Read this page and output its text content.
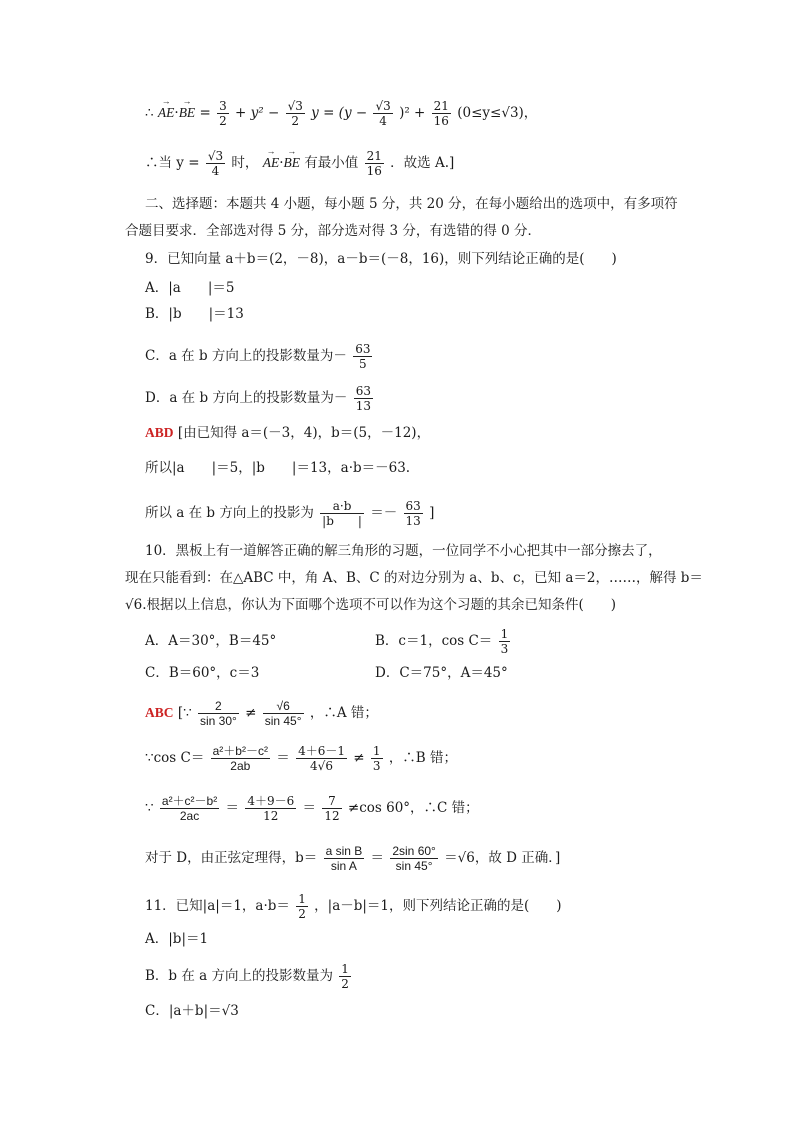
∴ → AE·→ BE = $\frac{3}{2} + y^2 - \frac{√3}{2}$ $y = (y - \frac{√3}{4} )^2 + \frac{21}{16} (0\le y\le√3)$，
∴当 $y = \frac{√3}{4}$ 时， → AE·→ BE 有最小值 $\frac{21}{16}$ ．故选 A.]
二、选择题：本题共 4 小题，每小题 5 分，共 20 分，在每小题给出的选项中，有多项符
合题目要求．全部选对得 5 分，部分选对得 3 分，有选错的得 0 分．
9．已知向量 a＋b＝(2，－8)，a－b＝(－8，16)，则下列结论正确的是(　　)
A．|a　　|＝5
B．|b　　|＝13
C．a 在 b 方向上的投影数量为－ $\frac{63}{5}$
D．a 在 b 方向上的投影数量为－ $\frac{63}{13}$
ABD [由已知得 a＝(－3，4)，b＝(5，－12)，
所以|a　　|＝5，|b　　|＝13，a·b＝－63.
所以 a 在 b 方向上的投影为 $\frac{a\cdot b}{|b |} =- \frac{63}{13}$ ]
10．黑板上有一道解答正确的解三角形的习题，一位同学不小心把其中一部分擦去了，
现在只能看到：在△ABC 中，角 A、B、C 的对边分别为 a、b、c，已知 a＝2，……，解得 b＝
√6.根据以上信息，你认为下面哪个选项不可以作为这个习题的其余已知条件(　　)
A．A＝30°，B＝45°	B．c＝1，$\cos C= \frac{1}{3}$
C．B＝60°，c＝3	D．C＝75°，A＝45°
ABC [∵ $\frac{2}{\sin 30^\circ} \ne \frac{√6}{\sin 45^\circ}$ ，∴A 错；
∵cos $C= \frac{\text{a²＋b²－c²}}{2ab} = \frac{4+6-1}{4√6} \ne \frac{1}{3}$ ，∴B 错；
∵ $\frac{\text{a²＋c²－b²}}{2ac} = \frac{4+9-6}{12} = \frac{7}{12} \ne\cos$ 60°，∴C 错；
对于 D，由正弦定理得，$b= \frac{\text{a sin B}}{\text{sin A}} = \frac{2\sin 60^\circ}{\sin 45^\circ} =√6$，故 D 正确．]
11．已知|a|＝1，$a\cdot b= \frac{1}{2}$ ，|a－b|＝1，则下列结论正确的是(　　)
A．|b|＝1
B．b 在 a 方向上的投影数量为 $\frac{1}{2}$
C．|a＋b|＝√3
